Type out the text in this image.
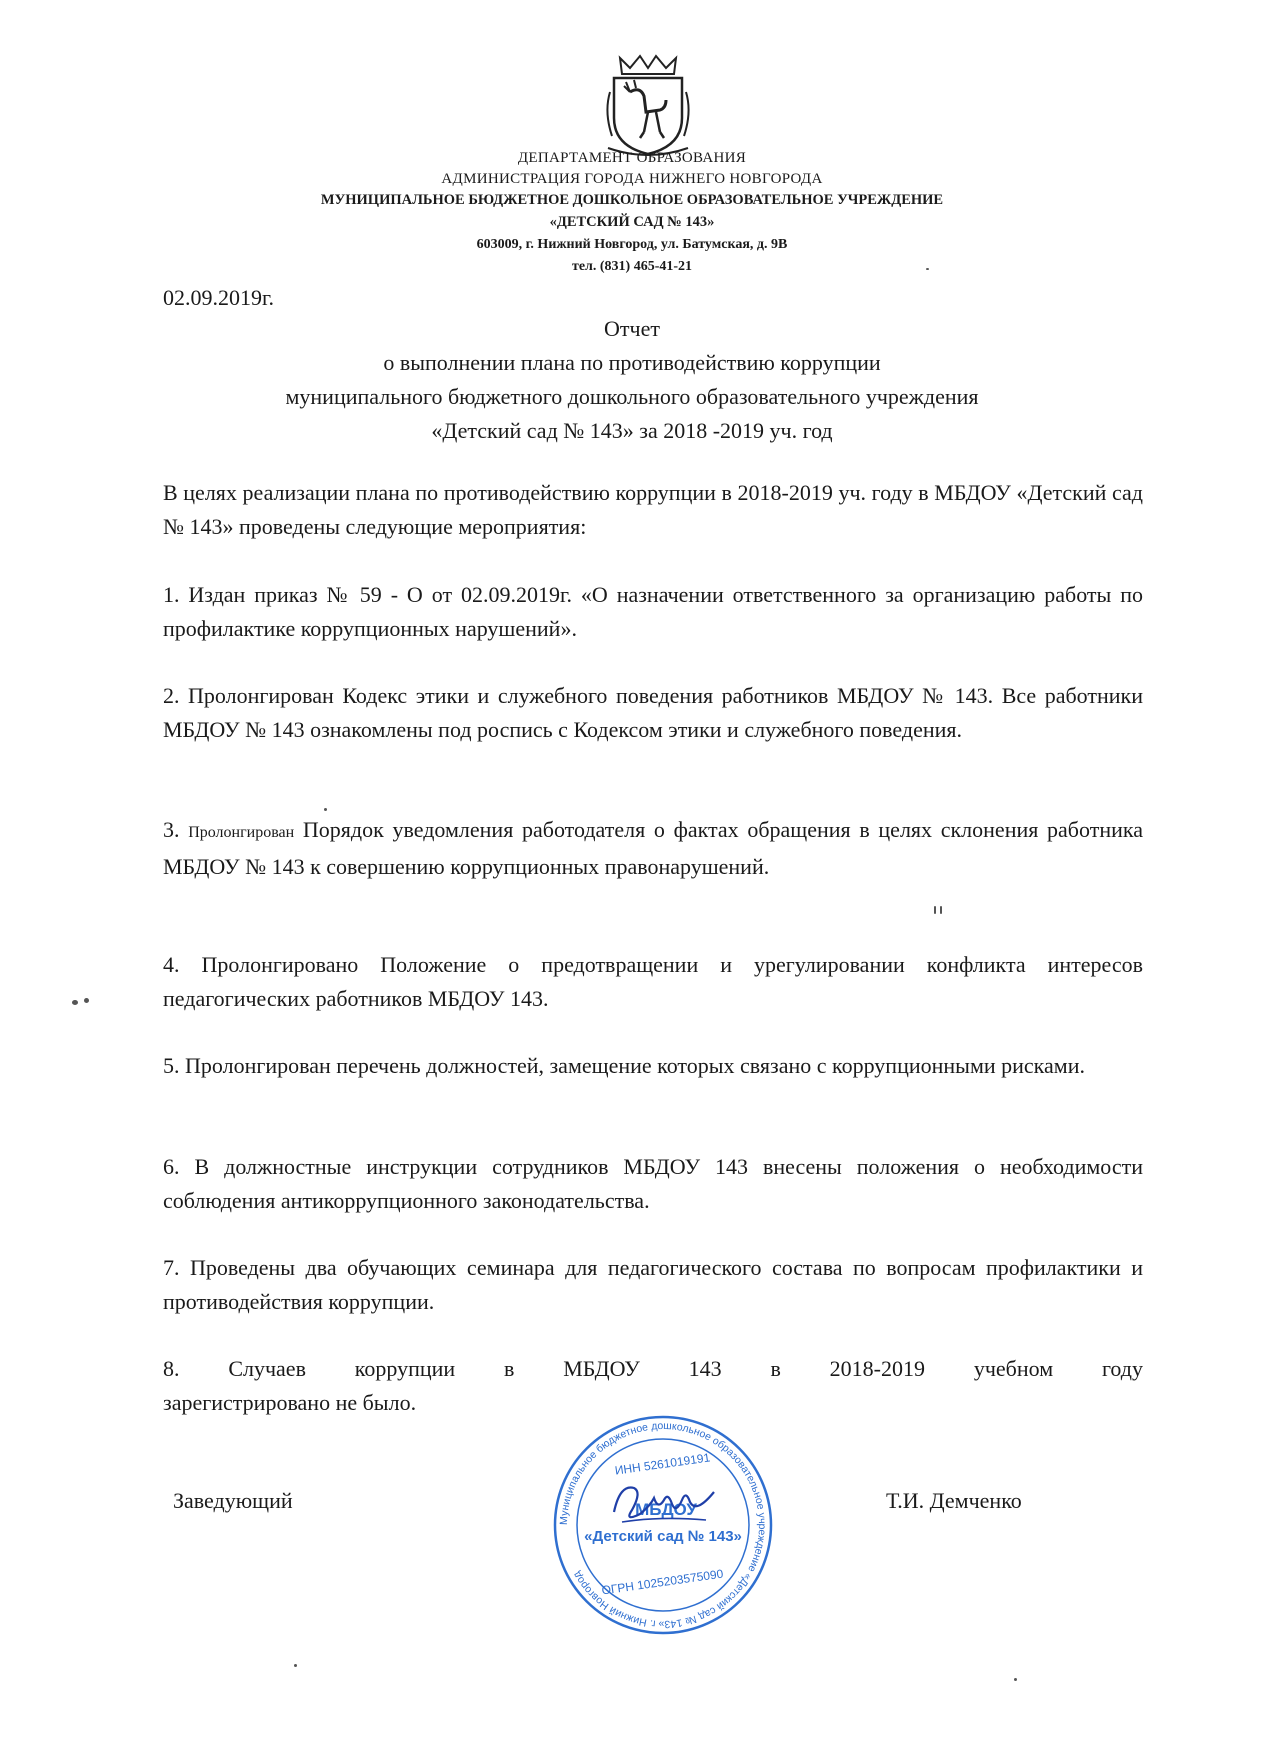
ДЕПАРТАМЕНТ ОБРАЗОВАНИЯ
АДМИНИСТРАЦИЯ ГОРОДА НИЖНЕГО НОВГОРОДА
МУНИЦИПАЛЬНОЕ БЮДЖЕТНОЕ ДОШКОЛЬНОЕ ОБРАЗОВАТЕЛЬНОЕ УЧРЕЖДЕНИЕ
«ДЕТСКИЙ САД № 143»
603009, г. Нижний Новгород, ул. Батумская, д. 9В
тел. (831) 465-41-21
02.09.2019г.
Отчет
о выполнении плана по противодействию коррупции
муниципального бюджетного дошкольного образовательного учреждения
«Детский сад № 143» за 2018 -2019 уч. год
В целях реализации плана по противодействию коррупции в 2018-2019 уч. году в МБДОУ «Детский сад № 143» проведены следующие мероприятия:
1. Издан приказ № 59 - О от 02.09.2019г. «О назначении ответственного за организацию работы по профилактике коррупционных нарушений».
2. Пролонгирован Кодекс этики и служебного поведения работников МБДОУ № 143. Все работники МБДОУ № 143 ознакомлены под роспись с Кодексом этики и служебного поведения.
3. Пролонгирован Порядок уведомления работодателя о фактах обращения в целях склонения работника МБДОУ № 143 к совершению коррупционных правонарушений.
4. Пролонгировано Положение о предотвращении и урегулировании конфликта интересов педагогических работников МБДОУ 143.
5. Пролонгирован перечень должностей, замещение которых связано с коррупционными рисками.
6. В должностные инструкции сотрудников МБДОУ 143 внесены положения о необходимости соблюдения антикоррупционного законодательства.
7. Проведены два обучающих семинара для педагогического состава по вопросам профилактики и противодействия коррупции.
8. Случаев коррупции в МБДОУ 143 в 2018-2019 учебном году
зарегистрировано не было.
Заведующий	Т.И. Демченко
Муниципальное бюджетное дошкольное образовательное учреждение «Детский сад № 143» г. Нижний Новгород
ИНН 5261019191
МБДОУ
«Детский сад № 143»
ОГРН 1025203575090
